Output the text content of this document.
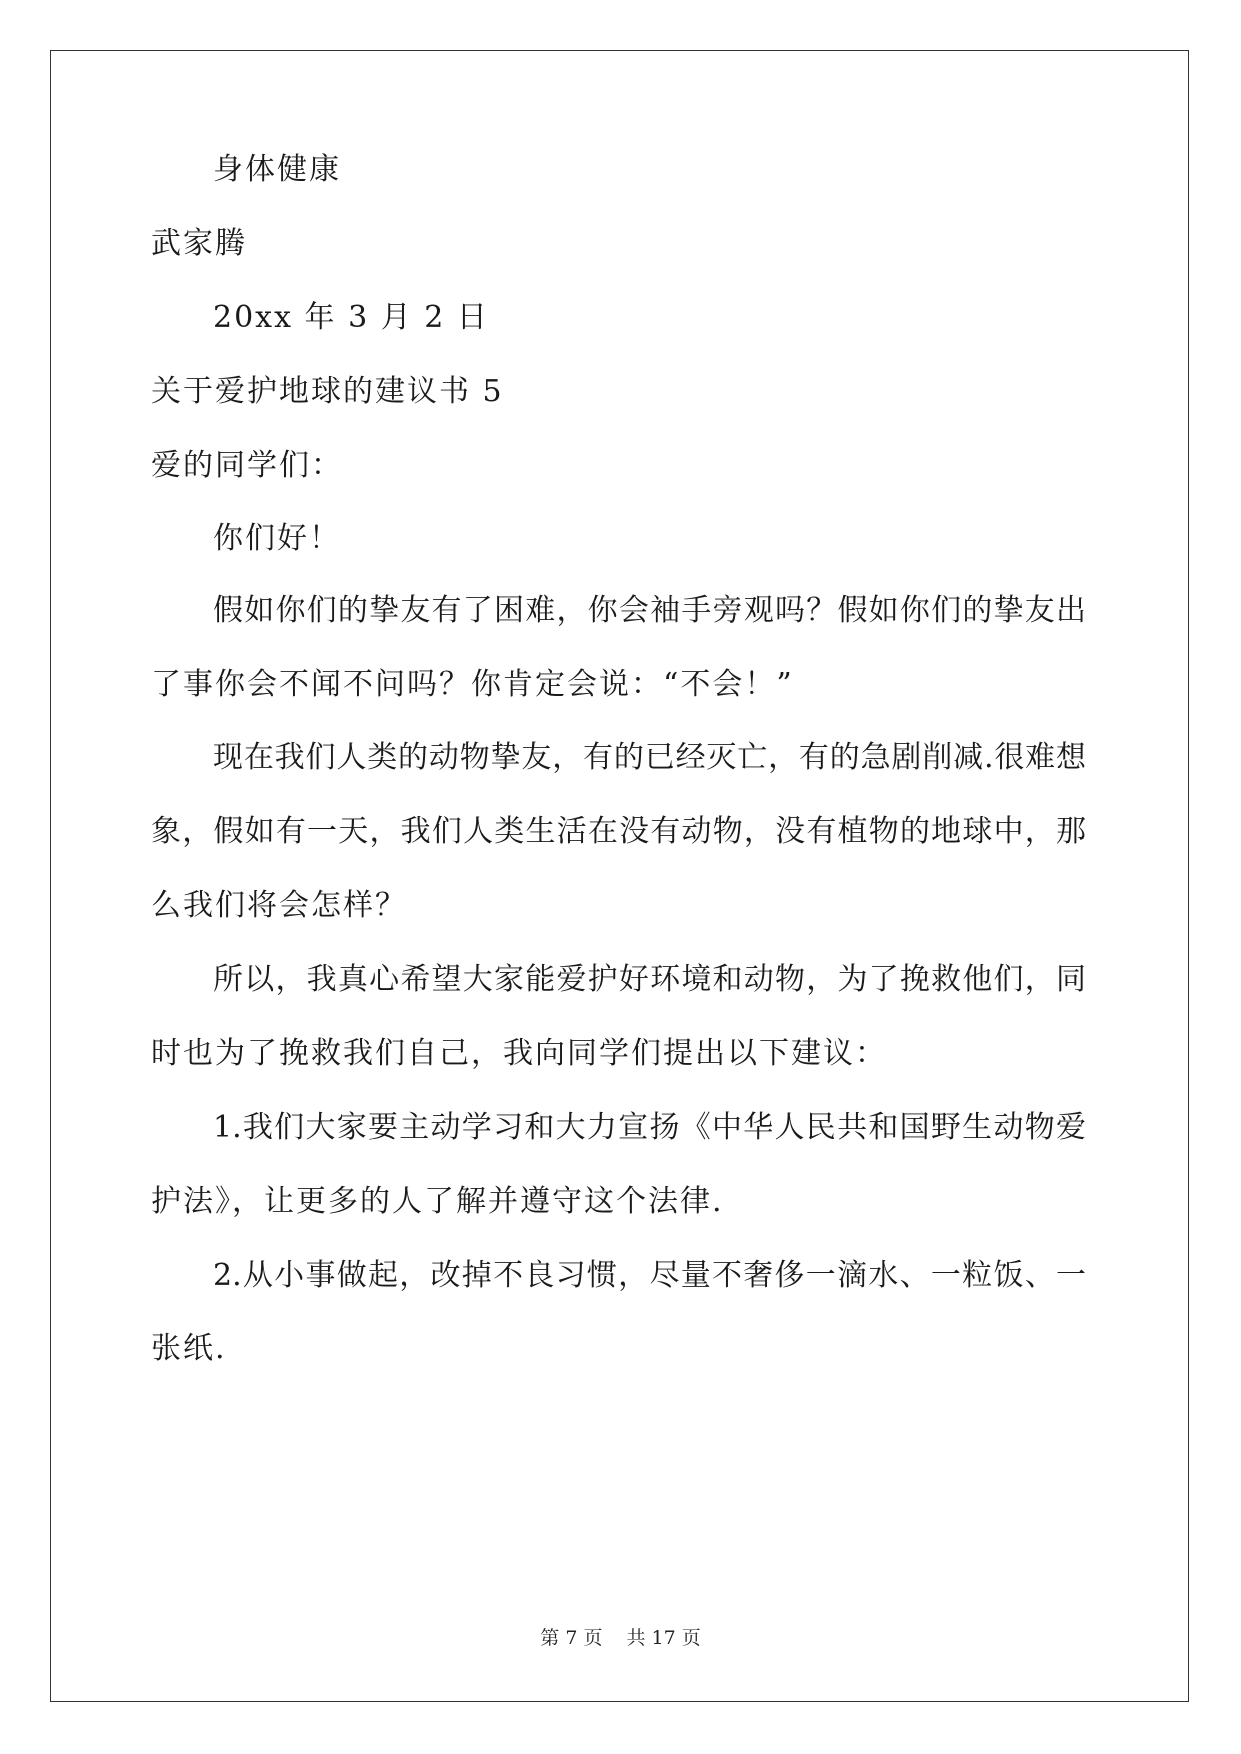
身体健康
武家腾
20xx 年 3 月 2 日
关于爱护地球的建议书 5
爱的同学们：
你们好！
假如你们的挚友有了困难，你会袖手旁观吗？假如你们的挚友出
了事你会不闻不问吗？你肯定会说：“不会！”
现在我们人类的动物挚友，有的已经灭亡，有的急剧削减.很难想
象，假如有一天，我们人类生活在没有动物，没有植物的地球中，那
么我们将会怎样？
所以，我真心希望大家能爱护好环境和动物，为了挽救他们，同
时也为了挽救我们自己，我向同学们提出以下建议：
1.我们大家要主动学习和大力宣扬《中华人民共和国野生动物爱
护法》，让更多的人了解并遵守这个法律.
2.从小事做起，改掉不良习惯，尽量不奢侈一滴水、一粒饭、一
张纸.
第 7 页 共 17 页
